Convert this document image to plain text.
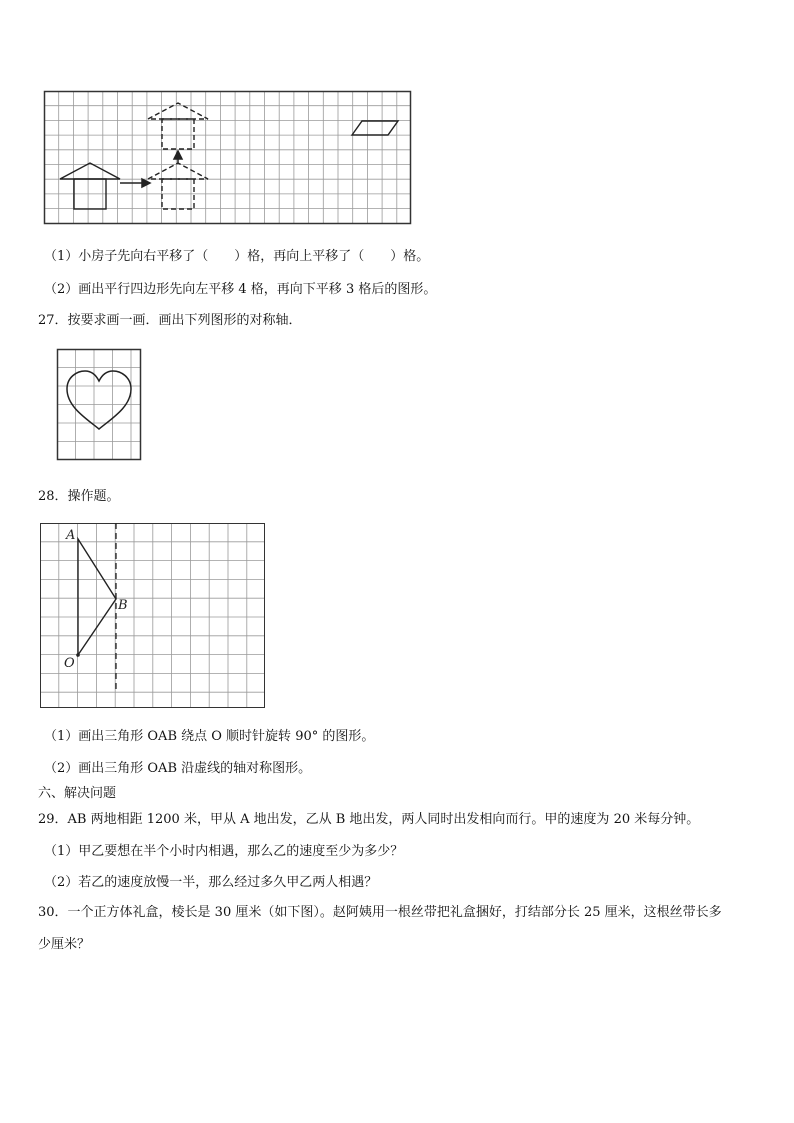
（1）小房子先向右平移了（　　）格，再向上平移了（　　）格。
（2）画出平行四边形先向左平移 4 格，再向下平移 3 格后的图形。
27．按要求画一画．画出下列图形的对称轴．
28．操作题。
A
B
O
（1）画出三角形 OAB 绕点 O 顺时针旋转 90° 的图形。
（2）画出三角形 OAB 沿虚线的轴对称图形。
六、解决问题
29．AB 两地相距 1200 米，甲从 A 地出发，乙从 B 地出发，两人同时出发相向而行。甲的速度为 20 米每分钟。
（1）甲乙要想在半个小时内相遇，那么乙的速度至少为多少？
（2）若乙的速度放慢一半，那么经过多久甲乙两人相遇？
30．一个正方体礼盒，棱长是 30 厘米（如下图）。赵阿姨用一根丝带把礼盒捆好，打结部分长 25 厘米，这根丝带长多
少厘米？
